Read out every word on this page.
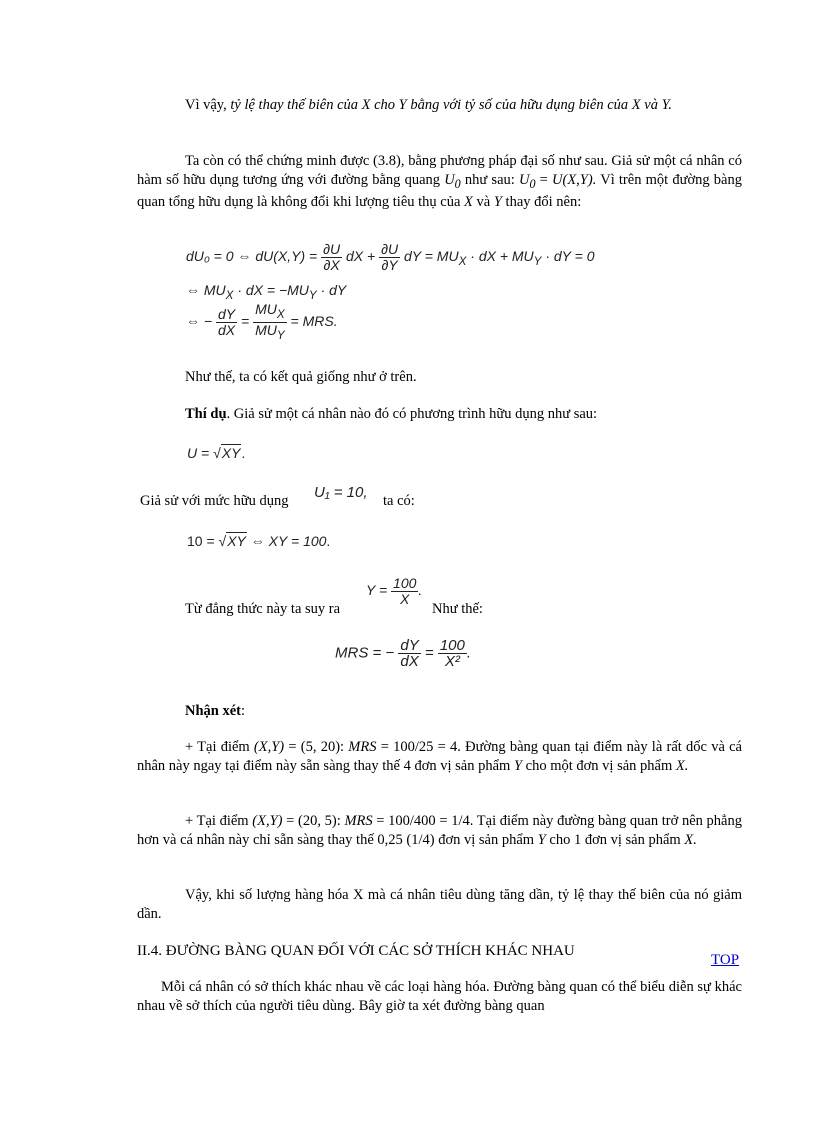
Vì vậy, tỷ lệ thay thế biên của X cho Y bằng với tỷ số của hữu dụng biên của X và Y.
Ta còn có thể chứng minh được (3.8), bằng phương pháp đại số như sau. Giả sử một cá nhân có hàm số hữu dụng tương ứng với đường bằng quang $U_0$ như sau: $U_0 = U(X,Y)$. Vì trên một đường bàng quan tổng hữu dụng là không đổi khi lượng tiêu thụ của X và Y thay đổi nên:
dU₀ = 0 ⇔ $dU(X,Y) = \frac{\partial U}{\partial X}$ dX + $\frac{\partial U}{\partial Y}$ dY = $MU_X$ · dX + $MU_Y$ · dY = 0
⇔ $MU_X$ · dX = $-MU_Y$ · dY
⇔ − $\frac{dY}{dX} = \frac{MU_X}{MU_Y}$ = MRS.
Như thế, ta có kết quả giống như ở trên.
Thí dụ. Giả sử một cá nhân nào đó có phương trình hữu dụng như sau:
U = √XY.
Giả sử với mức hữu dụng U₁ = 10, ta có:
10 = √XY ⇔ XY = 100.
Từ đẳng thức này ta suy ra
$Y = \frac{100}{X}$ .
Như thế:
MRS = − $\frac{dY}{dX} = \frac{100}{\text{X²}}$ .
Nhận xét:
+ Tại điểm (X,Y) = (5, 20): MRS = 100/25 = 4. Đường bàng quan tại điểm này là rất dốc và cá nhân này ngay tại điểm này sẵn sàng thay thế 4 đơn vị sản phẩm Y cho một đơn vị sản phẩm X.
+ Tại điểm (X,Y) = (20, 5): MRS = 100/400 = 1/4. Tại điểm này đường bàng quan trở nên phẳng hơn và cá nhân này chỉ sẵn sàng thay thế 0,25 (1/4) đơn vị sản phẩm Y cho 1 đơn vị sản phẩm X.
Vậy, khi số lượng hàng hóa X mà cá nhân tiêu dùng tăng dần, tỷ lệ thay thế biên của nó giảm dần.
II.4. ĐƯỜNG BÀNG QUAN ĐỐI VỚI CÁC SỞ THÍCH KHÁC NHAU
TOP
Mỗi cá nhân có sở thích khác nhau về các loại hàng hóa. Đường bàng quan có thể biểu diễn sự khác nhau về sở thích của người tiêu dùng. Bây giờ ta xét đường bàng quan
